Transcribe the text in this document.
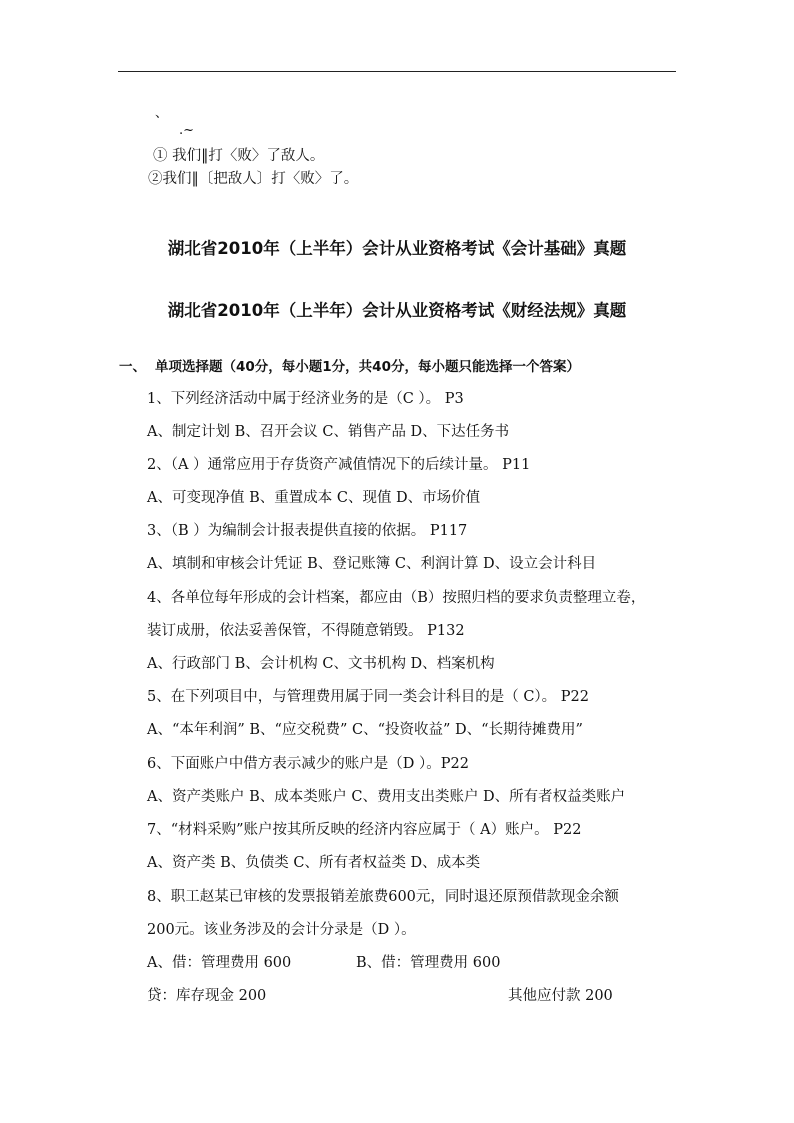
、
.~
① 我们‖打〈败〉了敌人。
②我们‖〔把敌人〕打〈败〉了。
湖北省2010年（上半年）会计从业资格考试《会计基础》真题
湖北省2010年（上半年）会计从业资格考试《财经法规》真题
一、 单项选择题（40分，每小题1分，共40分，每小题只能选择一个答案）
1、下列经济活动中属于经济业务的是（C ）。 P3
A、制定计划 B、召开会议 C、销售产品 D、下达任务书
2、（A ）通常应用于存货资产减值情况下的后续计量。 P11
A、可变现净值 B、重置成本 C、现值 D、市场价值
3、（B ）为编制会计报表提供直接的依据。 P117
A、填制和审核会计凭证 B、登记账簿 C、利润计算 D、设立会计科目
4、各单位每年形成的会计档案，都应由（B）按照归档的要求负责整理立卷，
装订成册，依法妥善保管，不得随意销毁。 P132
A、行政部门 B、会计机构 C、文书机构 D、档案机构
5、在下列项目中，与管理费用属于同一类会计科目的是（ C）。 P22
A、“本年利润” B、“应交税费” C、“投资收益” D、“长期待摊费用”
6、下面账户中借方表示减少的账户是（D ）。P22
A、资产类账户 B、成本类账户 C、费用支出类账户 D、所有者权益类账户
7、“材料采购”账户按其所反映的经济内容应属于（ A）账户。 P22
A、资产类 B、负债类 C、所有者权益类 D、成本类
8、职工赵某已审核的发票报销差旅费600元，同时退还原预借款现金余额
200元。该业务涉及的会计分录是（D ）。
A、借：管理费用 600	B、借：管理费用 600
贷：库存现金 200	其他应付款 200
